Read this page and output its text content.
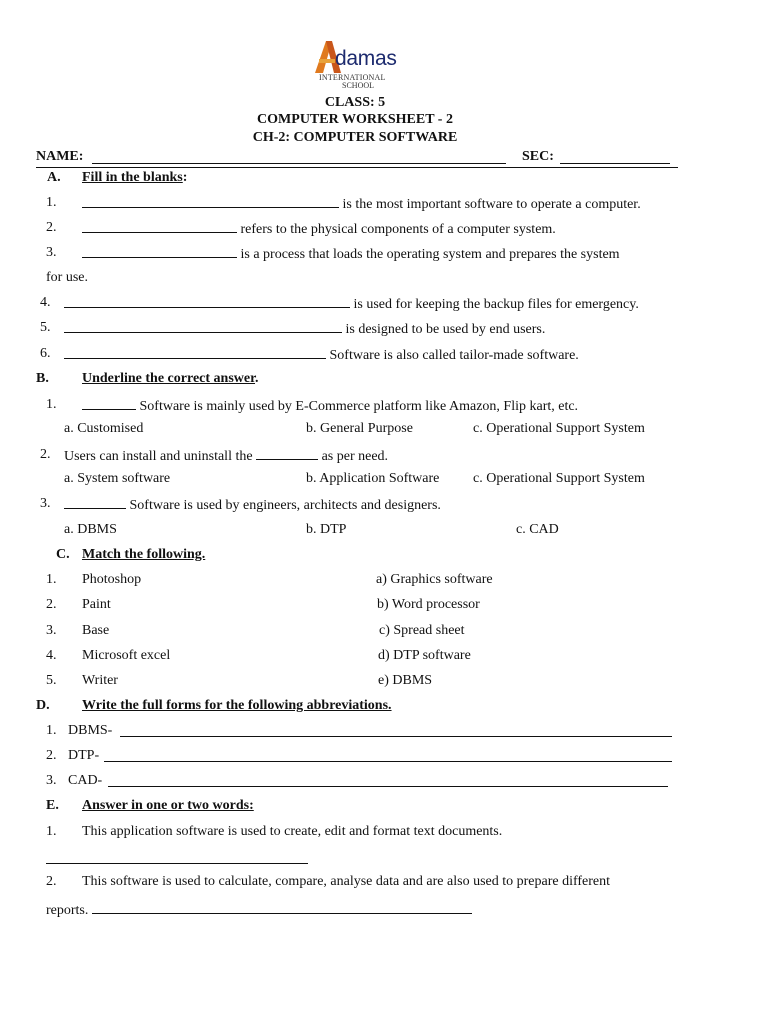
damas
INTERNATIONAL
SCHOOL
CLASS: 5
COMPUTER WORKSHEET - 2
CH-2: COMPUTER SOFTWARE
NAME:	SEC:
A. Fill in the blanks:
1.	is the most important software to operate a computer.
2.	refers to the physical components of a computer system.
3.	is a process that loads the operating system and prepares the system
for use.
4.	is used for keeping the backup files for emergency.
5.	is designed to be used by end users.
6.	Software is also called tailor-made software.
B. Underline the correct answer.
1.	Software is mainly used by E-Commerce platform like Amazon, Flip kart, etc.
a. Customised	b. General Purpose	c. Operational Support System
2. Users can install and uninstall the	as per need.
a. System software	b. Application Software c. Operational Support System
3.	Software is used by engineers, architects and designers.
a. DBMS	b. DTP	c. CAD
C. Match the following.
1. Photoshop	a) Graphics software
2. Paint	b) Word processor
3. Base	c) Spread sheet
4. Microsoft excel	d) DTP software
5. Writer	e) DBMS
D. Write the full forms for the following abbreviations.
1. DBMS-
2. DTP-
3. CAD-
E. Answer in one or two words:
1. This application software is used to create, edit and format text documents.
2. This software is used to calculate, compare, analyse data and are also used to prepare different
reports.
